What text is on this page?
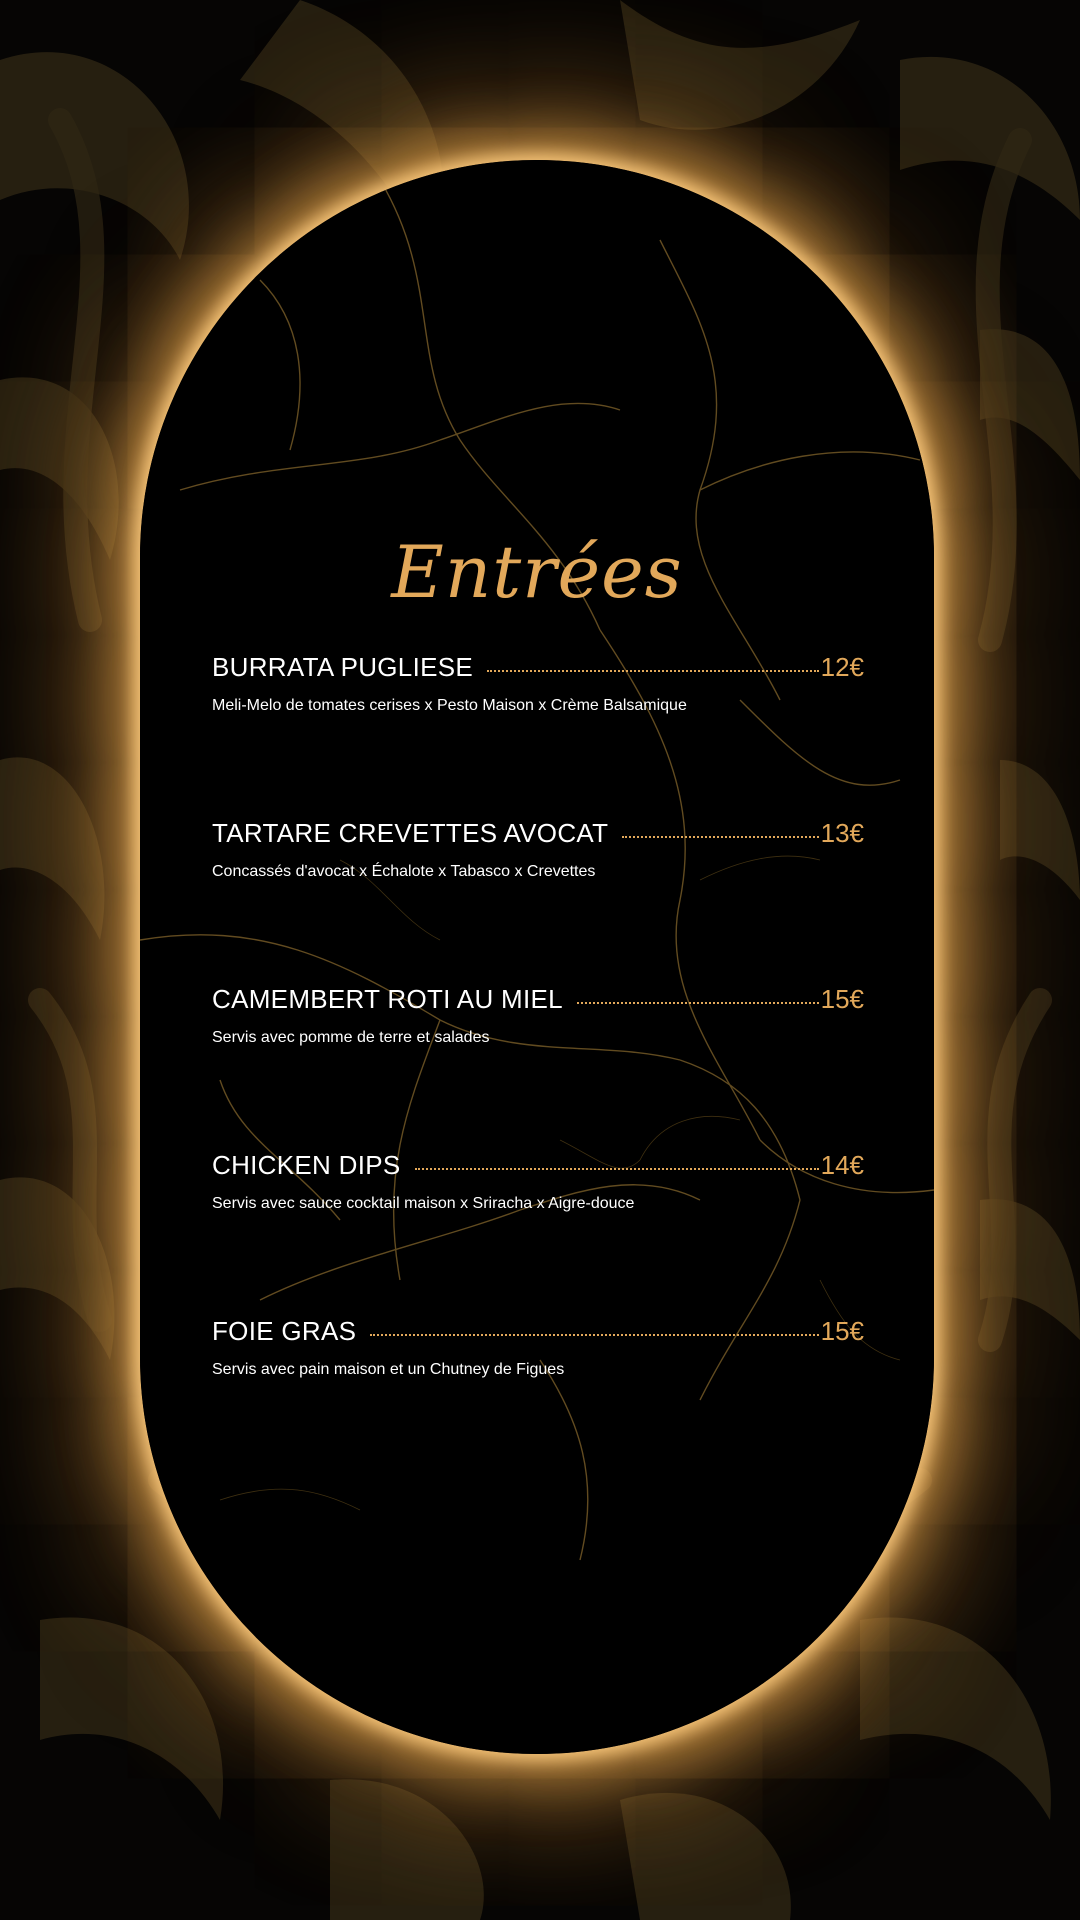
Entrées
BURRATA PUGLIESE	12€
Meli-Melo de tomates cerises x Pesto Maison x Crème Balsamique
TARTARE CREVETTES AVOCAT	13€
Concassés d'avocat x Échalote x Tabasco x Crevettes
CAMEMBERT ROTI AU MIEL	15€
Servis avec pomme de terre et salades
CHICKEN DIPS	14€
Servis avec sauce cocktail maison x Sriracha x Aigre-douce
FOIE GRAS	15€
Servis avec pain maison et un Chutney de Figues
